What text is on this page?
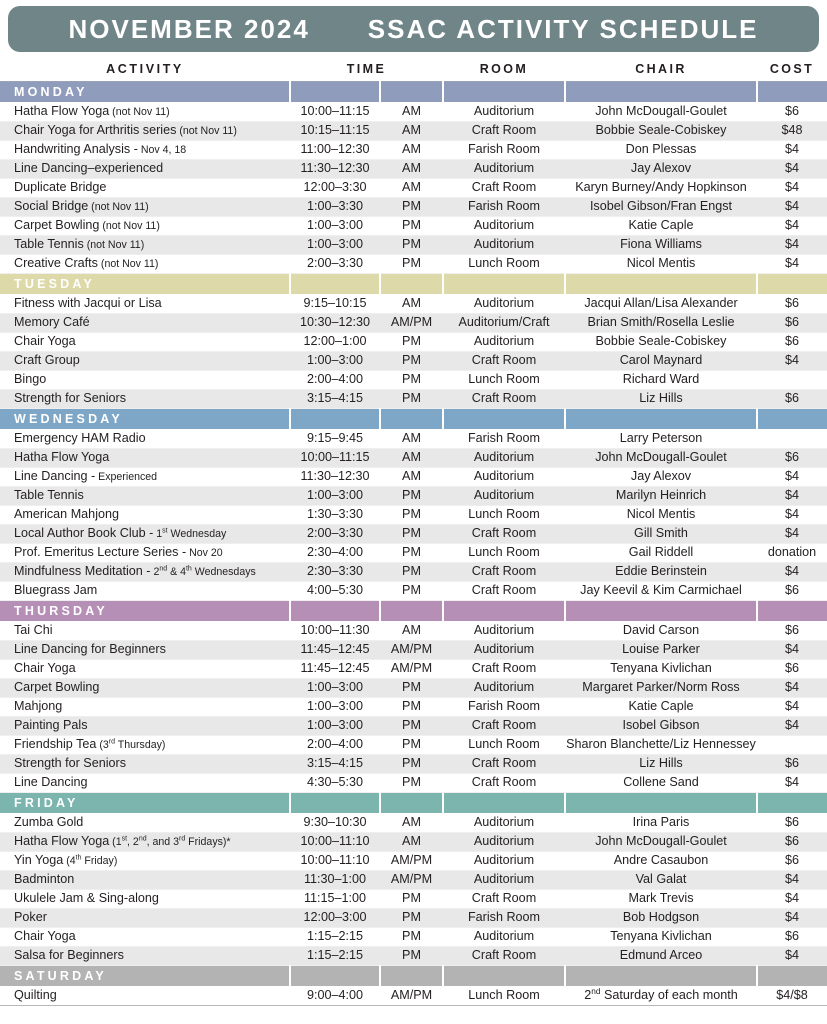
NOVEMBER 2024 SSAC ACTIVITY SCHEDULE
ACTIVITY	TIME		ROOM	CHAIR	COST
MONDAY					
Hatha Flow Yoga (not Nov 11)	10:00–11:15	AM	Auditorium	John McDougall-Goulet	$6
Chair Yoga for Arthritis series (not Nov 11)	10:15–11:15	AM	Craft Room	Bobbie Seale-Cobiskey	$48
Handwriting Analysis - Nov 4, 18	11:00–12:30	AM	Farish Room	Don Plessas	$4
Line Dancing–experienced	11:30–12:30	AM	Auditorium	Jay Alexov	$4
Duplicate Bridge	12:00–3:30	AM	Craft Room	Karyn Burney/Andy Hopkinson	$4
Social Bridge (not Nov 11)	1:00–3:30	PM	Farish Room	Isobel Gibson/Fran Engst	$4
Carpet Bowling (not Nov 11)	1:00–3:00	PM	Auditorium	Katie Caple	$4
Table Tennis (not Nov 11)	1:00–3:00	PM	Auditorium	Fiona Williams	$4
Creative Crafts (not Nov 11)	2:00–3:30	PM	Lunch Room	Nicol Mentis	$4
TUESDAY					
Fitness with Jacqui or Lisa	9:15–10:15	AM	Auditorium	Jacqui Allan/Lisa Alexander	$6
Memory Café	10:30–12:30	AM/PM	Auditorium/Craft	Brian Smith/Rosella Leslie	$6
Chair Yoga	12:00–1:00	PM	Auditorium	Bobbie Seale-Cobiskey	$6
Craft Group	1:00–3:00	PM	Craft Room	Carol Maynard	$4
Bingo	2:00–4:00	PM	Lunch Room	Richard Ward	
Strength for Seniors	3:15–4:15	PM	Craft Room	Liz Hills	$6
WEDNESDAY					
Emergency HAM Radio	9:15–9:45	AM	Farish Room	Larry Peterson	
Hatha Flow Yoga	10:00–11:15	AM	Auditorium	John McDougall-Goulet	$6
Line Dancing - Experienced	11:30–12:30	AM	Auditorium	Jay Alexov	$4
Table Tennis	1:00–3:00	PM	Auditorium	Marilyn Heinrich	$4
American Mahjong	1:30–3:30	PM	Lunch Room	Nicol Mentis	$4
Local Author Book Club - 1st Wednesday	2:00–3:30	PM	Craft Room	Gill Smith	$4
Prof. Emeritus Lecture Series - Nov 20	2:30–4:00	PM	Lunch Room	Gail Riddell	donation
Mindfulness Meditation - 2nd & 4th Wednesdays	2:30–3:30	PM	Craft Room	Eddie Berinstein	$4
Bluegrass Jam	4:00–5:30	PM	Craft Room	Jay Keevil & Kim Carmichael	$6
THURSDAY					
Tai Chi	10:00–11:30	AM	Auditorium	David Carson	$6
Line Dancing for Beginners	11:45–12:45	AM/PM	Auditorium	Louise Parker	$4
Chair Yoga	11:45–12:45	AM/PM	Craft Room	Tenyana Kivlichan	$6
Carpet Bowling	1:00–3:00	PM	Auditorium	Margaret Parker/Norm Ross	$4
Mahjong	1:00–3:00	PM	Farish Room	Katie Caple	$4
Painting Pals	1:00–3:00	PM	Craft Room	Isobel Gibson	$4
Friendship Tea (3rd Thursday)	2:00–4:00	PM	Lunch Room	Sharon Blanchette/Liz Hennessey	
Strength for Seniors	3:15–4:15	PM	Craft Room	Liz Hills	$6
Line Dancing	4:30–5:30	PM	Craft Room	Collene Sand	$4
FRIDAY					
Zumba Gold	9:30–10:30	AM	Auditorium	Irina Paris	$6
Hatha Flow Yoga (1st, 2nd, and 3rd Fridays)*	10:00–11:10	AM	Auditorium	John McDougall-Goulet	$6
Yin Yoga (4th Friday)	10:00–11:10	AM/PM	Auditorium	Andre Casaubon	$6
Badminton	11:30–1:00	AM/PM	Auditorium	Val Galat	$4
Ukulele Jam & Sing-along	11:15–1:00	PM	Craft Room	Mark Trevis	$4
Poker	12:00–3:00	PM	Farish Room	Bob Hodgson	$4
Chair Yoga	1:15–2:15	PM	Auditorium	Tenyana Kivlichan	$6
Salsa for Beginners	1:15–2:15	PM	Craft Room	Edmund Arceo	$4
SATURDAY					
Quilting	9:00–4:00	AM/PM	Lunch Room	2nd Saturday of each month	$4/$8
